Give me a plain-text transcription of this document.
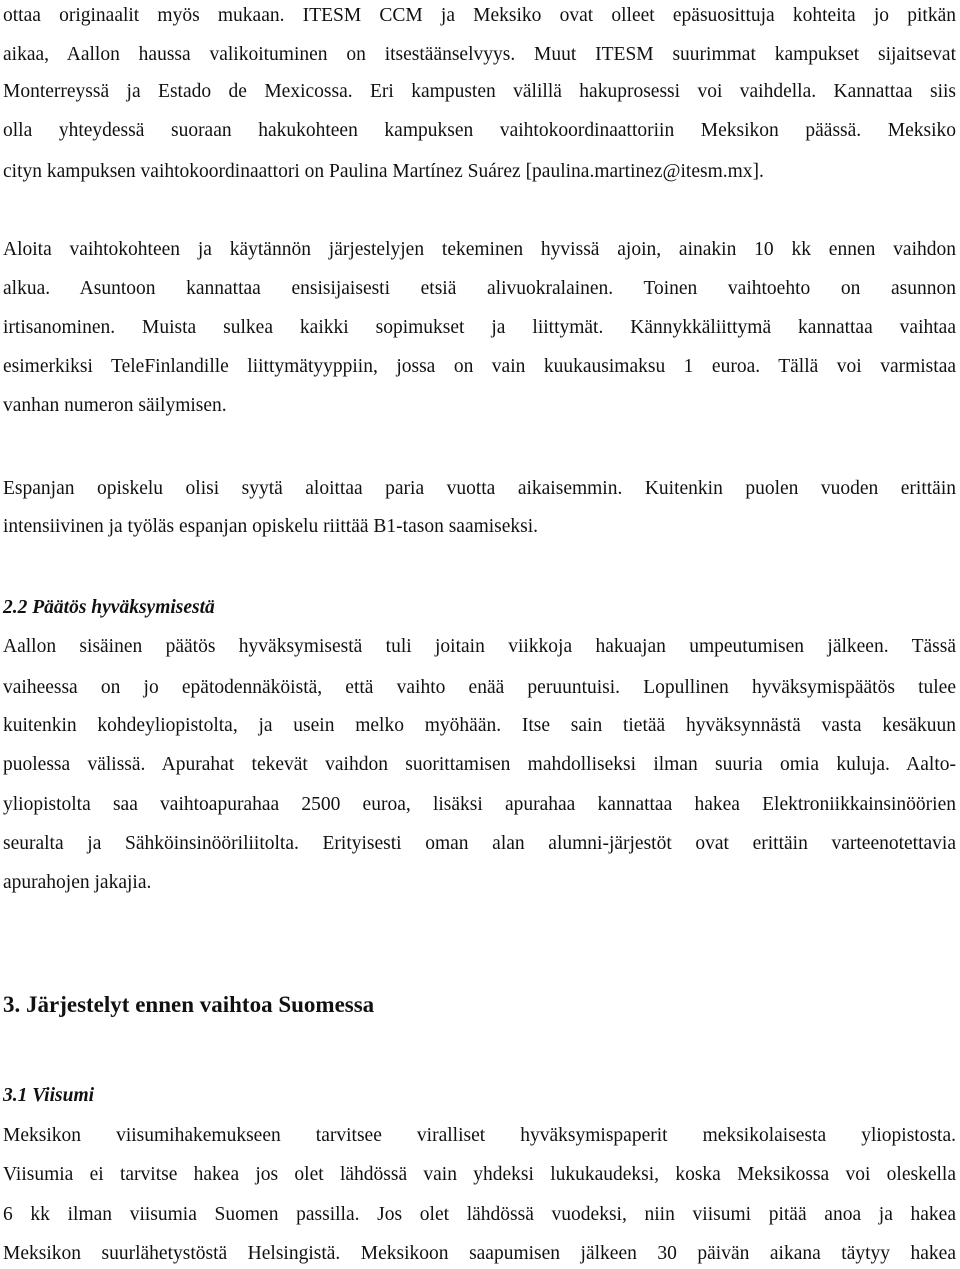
ottaa originaalit myös mukaan. ITESM CCM ja Meksiko ovat olleet epäsuosittuja kohteita jo pitkän
aikaa, Aallon haussa valikoituminen on itsestäänselvyys. Muut ITESM suurimmat kampukset sijaitsevat
Monterreyssä ja Estado de Mexicossa. Eri kampusten välillä hakuprosessi voi vaihdella. Kannattaa siis
olla yhteydessä suoraan hakukohteen kampuksen vaihtokoordinaattoriin Meksikon päässä. Meksiko
cityn kampuksen vaihtokoordinaattori on Paulina Martínez Suárez [paulina.martinez@itesm.mx].
Aloita vaihtokohteen ja käytännön järjestelyjen tekeminen hyvissä ajoin, ainakin 10 kk ennen vaihdon
alkua. Asuntoon kannattaa ensisijaisesti etsiä alivuokralainen. Toinen vaihtoehto on asunnon
irtisanominen. Muista sulkea kaikki sopimukset ja liittymät. Kännykkäliittymä kannattaa vaihtaa
esimerkiksi TeleFinlandille liittymätyyppiin, jossa on vain kuukausimaksu 1 euroa. Tällä voi varmistaa
vanhan numeron säilymisen.
Espanjan opiskelu olisi syytä aloittaa paria vuotta aikaisemmin. Kuitenkin puolen vuoden erittäin
intensiivinen ja työläs espanjan opiskelu riittää B1-tason saamiseksi.
2.2 Päätös hyväksymisestä
Aallon sisäinen päätös hyväksymisestä tuli joitain viikkoja hakuajan umpeutumisen jälkeen. Tässä
vaiheessa on jo epätodennäköistä, että vaihto enää peruuntuisi. Lopullinen hyväksymispäätös tulee
kuitenkin kohdeyliopistolta, ja usein melko myöhään. Itse sain tietää hyväksynnästä vasta kesäkuun
puolessa välissä. Apurahat tekevät vaihdon suorittamisen mahdolliseksi ilman suuria omia kuluja. Aalto-
yliopistolta saa vaihtoapurahaa 2500 euroa, lisäksi apurahaa kannattaa hakea Elektroniikkainsinöörien
seuralta ja Sähköinsinööriliitolta. Erityisesti oman alan alumni-järjestöt ovat erittäin varteenotettavia
apurahojen jakajia.
3. Järjestelyt ennen vaihtoa Suomessa
3.1 Viisumi
Meksikon viisumihakemukseen tarvitsee viralliset hyväksymispaperit meksikolaisesta yliopistosta.
Viisumia ei tarvitse hakea jos olet lähdössä vain yhdeksi lukukaudeksi, koska Meksikossa voi oleskella
6 kk ilman viisumia Suomen passilla. Jos olet lähdössä vuodeksi, niin viisumi pitää anoa ja hakea
Meksikon suurlähetystöstä Helsingistä. Meksikoon saapumisen jälkeen 30 päivän aikana täytyy hakea
